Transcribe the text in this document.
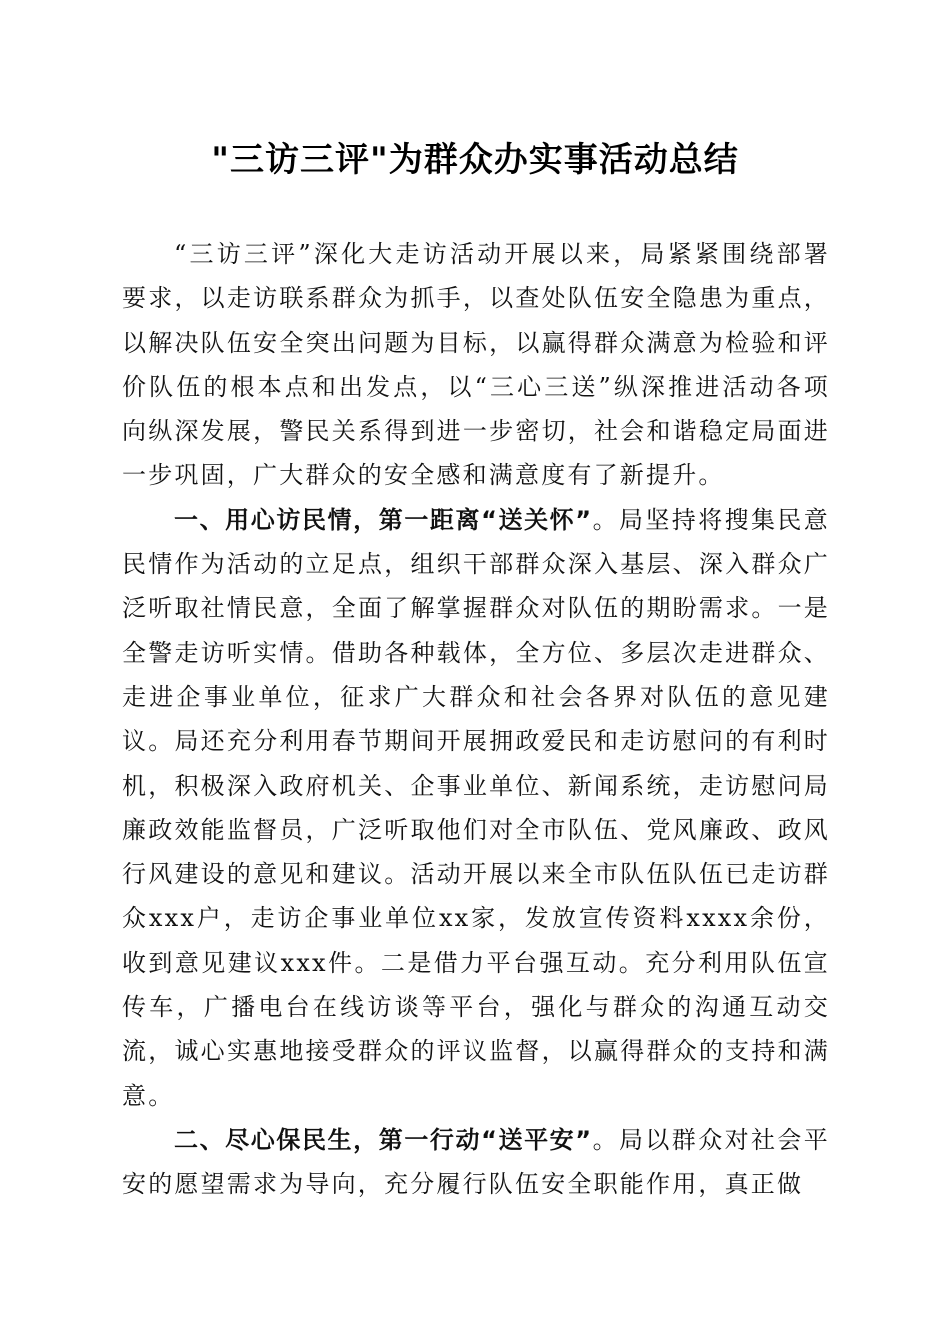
"三访三评"为群众办实事活动总结

“三访三评”深化大走访活动开展以来，局紧紧围绕部署要求，以走访联系群众为抓手，以查处队伍安全隐患为重点，以解决队伍安全突出问题为目标，以赢得群众满意为检验和评价队伍的根本点和出发点，以“三心三送”纵深推进活动各项向纵深发展，警民关系得到进一步密切，社会和谐稳定局面进一步巩固，广大群众的安全感和满意度有了新提升。

一、用心访民情，第一距离“送关怀”。局坚持将搜集民意民情作为活动的立足点，组织干部群众深入基层、深入群众广泛听取社情民意，全面了解掌握群众对队伍的期盼需求。一是全警走访听实情。借助各种载体，全方位、多层次走进群众、走进企事业单位，征求广大群众和社会各界对队伍的意见建议。局还充分利用春节期间开展拥政爱民和走访慰问的有利时机，积极深入政府机关、企事业单位、新闻系统，走访慰问局廉政效能监督员，广泛听取他们对全市队伍、党风廉政、政风行风建设的意见和建议。活动开展以来全市队伍队伍已走访群众xxx户，走访企事业单位xx家，发放宣传资料xxxx余份，收到意见建议xxx件。二是借力平台强互动。充分利用队伍宣传车，广播电台在线访谈等平台，强化与群众的沟通互动交流，诚心实惠地接受群众的评议监督，以赢得群众的支持和满意。

二、尽心保民生，第一行动“送平安”。局以群众对社会平安的愿望需求为导向，充分履行队伍安全职能作用，真正做
